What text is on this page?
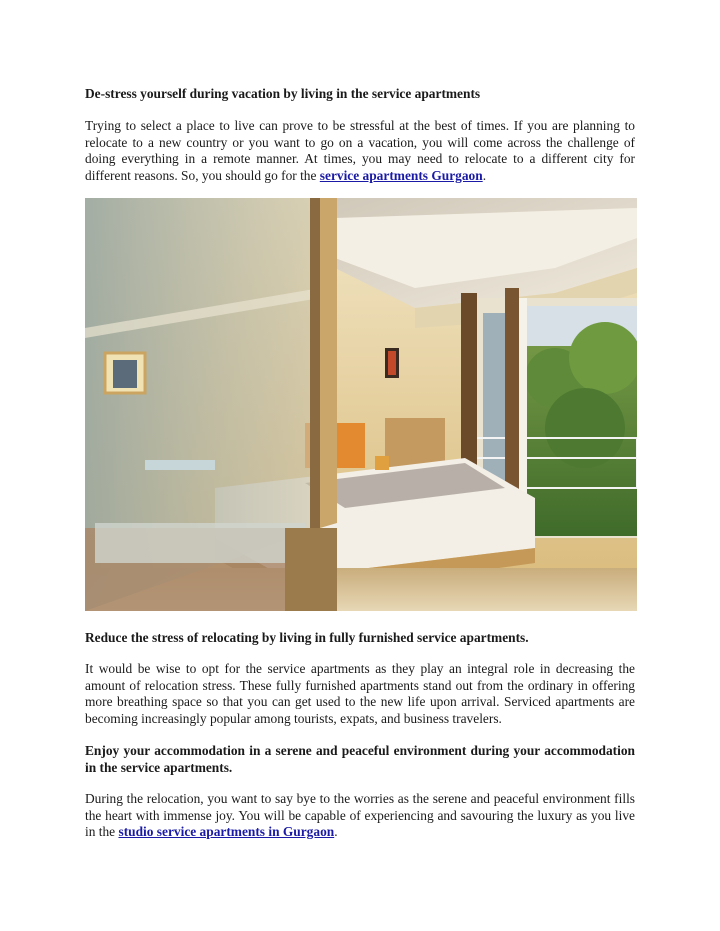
De-stress yourself during vacation by living in the service apartments
Trying to select a place to live can prove to be stressful at the best of times. If you are planning to relocate to a new country or you want to go on a vacation, you will come across the challenge of doing everything in a remote manner. At times, you may need to relocate to a different city for different reasons. So, you should go for the service apartments Gurgaon.
Reduce the stress of relocating by living in fully furnished service apartments.
It would be wise to opt for the service apartments as they play an integral role in decreasing the amount of relocation stress. These fully furnished apartments stand out from the ordinary in offering more breathing space so that you can get used to the new life upon arrival. Serviced apartments are becoming increasingly popular among tourists, expats, and business travelers.
Enjoy your accommodation in a serene and peaceful environment during your accommodation in the service apartments.
During the relocation, you want to say bye to the worries as the serene and peaceful environment fills the heart with immense joy. You will be capable of experiencing and savouring the luxury as you live in the studio service apartments in Gurgaon.
